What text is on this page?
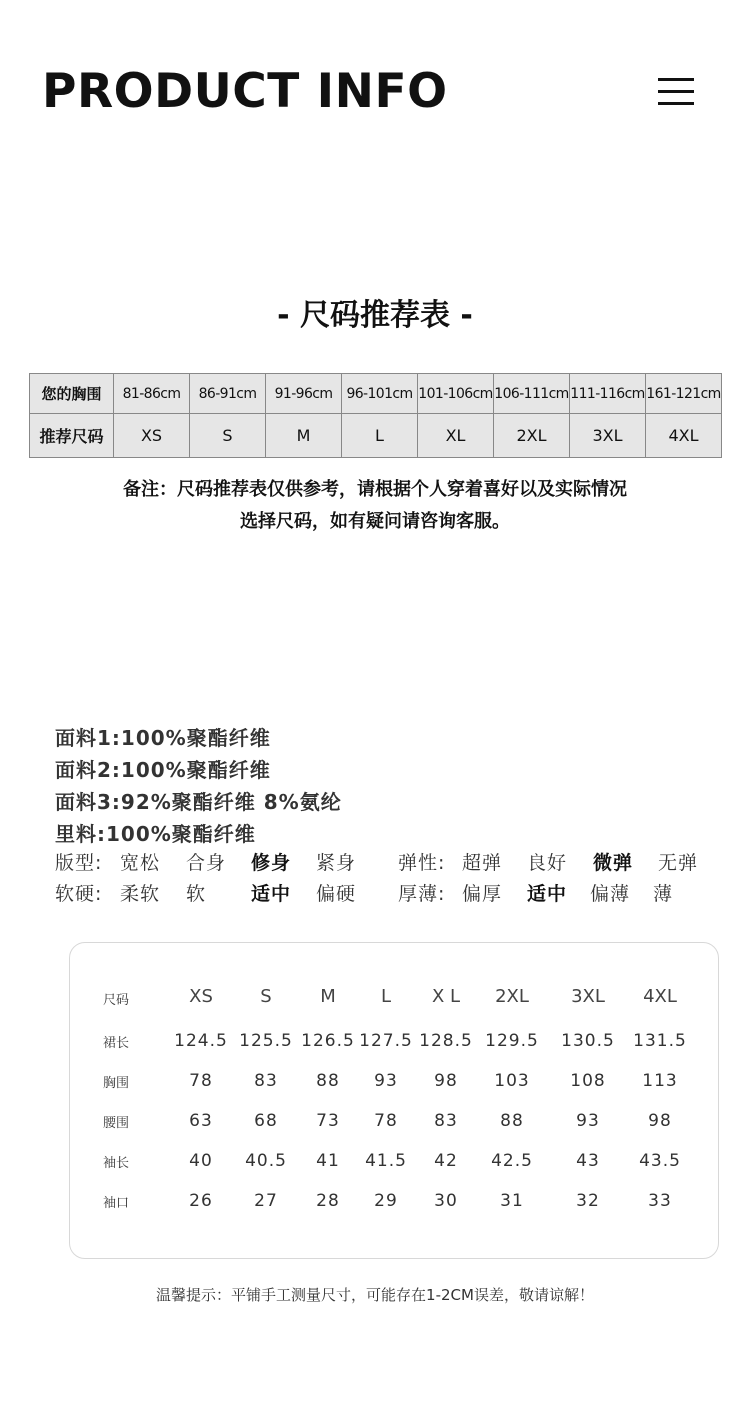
PRODUCT INFO
- 尺码推荐表 -
您的胸围	81-86cm	86-91cm	91-96cm	96-101cm	101-106cm	106-111cm	111-116cm	161-121cm
推荐尺码	XS	S	M	L	XL	2XL	3XL	4XL
备注：尺码推荐表仅供参考，请根据个人穿着喜好以及实际情况
选择尺码，如有疑问请咨询客服。
面料1:100%聚酯纤维
面料2:100%聚酯纤维
面料3:92%聚酯纤维 8%氨纶
里料:100%聚酯纤维
版型: 宽松 合身 修身 紧身 弹性: 超弹 良好 微弹 无弹
软硬: 柔软 软 适中 偏硬 厚薄: 偏厚 适中 偏薄 薄
尺码	XS	S	M	L X L 2XL 3XL 4XL
裙长	124.5 125.5 126.5 127.5 128.5 129.5 130.5 131.5
胸围	78 83 88 93 98 103 108 113
腰围	63 68 73 78 83 88	93	98
袖长	40 40.5 41 41.5 42 42.5	43 43.5
袖口	26 27 28 29 30 31	32	33
温馨提示：平铺手工测量尺寸，可能存在1-2CM误差，敬请谅解！
